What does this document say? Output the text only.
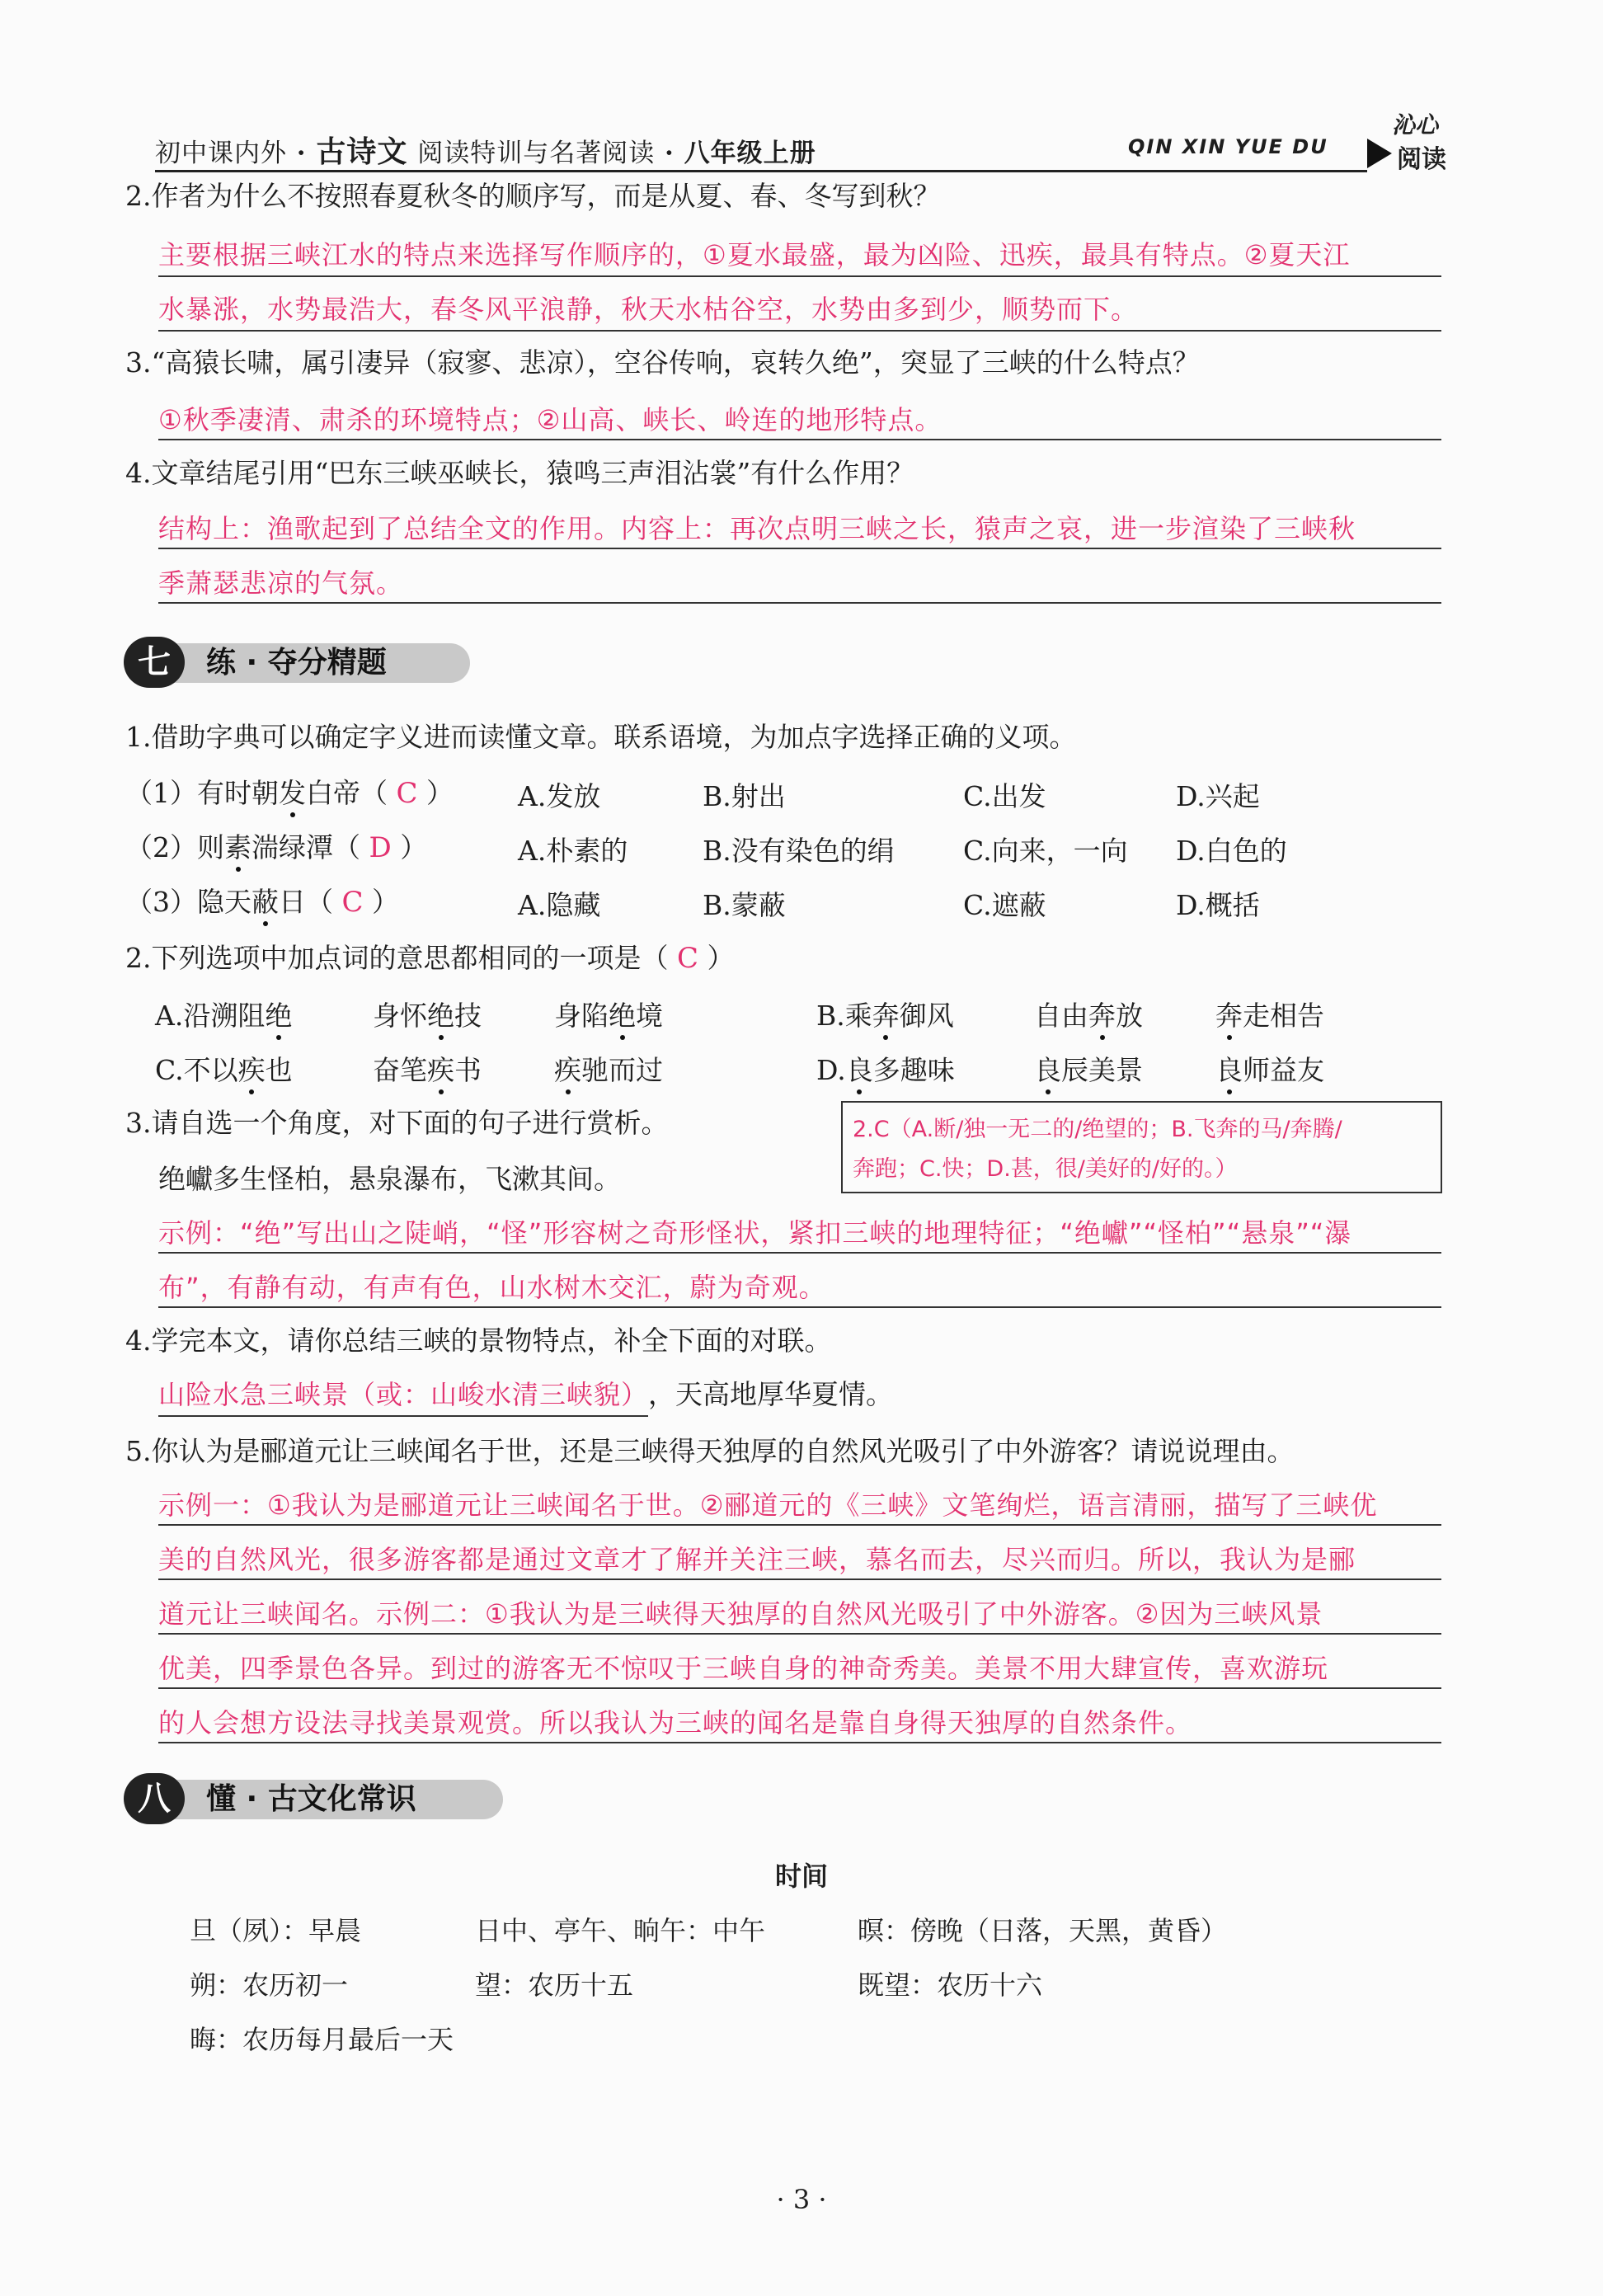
初中课内外 · 古诗文 阅读特训与名著阅读 · 八年级上册	QIN XIN YUE DU
沁心
阅读
2.作者为什么不按照春夏秋冬的顺序写，而是从夏、春、冬写到秋？
主要根据三峡江水的特点来选择写作顺序的，①夏水最盛，最为凶险、迅疾，最具有特点。②夏天江
水暴涨，水势最浩大，春冬风平浪静，秋天水枯谷空，水势由多到少，顺势而下。
3.“高猿长啸，属引凄异（寂寥、悲凉），空谷传响，哀转久绝”，突显了三峡的什么特点？
①秋季凄清、肃杀的环境特点；②山高、峡长、岭连的地形特点。
4.文章结尾引用“巴东三峡巫峡长，猿鸣三声泪沾裳”有什么作用？
结构上：渔歌起到了总结全文的作用。内容上：再次点明三峡之长，猿声之哀，进一步渲染了三峡秋
季萧瑟悲凉的气氛。
练 · 夺分精题
七
1.借助字典可以确定字义进而读懂文章。联系语境，为加点字选择正确的义项。
（1）有时朝发白帝（ C ） A.发放	B.射出	C.出发	D.兴起
（2）则素湍绿潭（ D ）	A.朴素的	B.没有染色的绢	C.向来，一向 D.白色的
（3）隐天蔽日（ C ）	A.隐藏	B.蒙蔽	C.遮蔽	D.概括
2.下列选项中加点词的意思都相同的一项是（ C ）
A.沿溯阻绝	身怀绝技	身陷绝境	B.乘奔御风	自由奔放	奔走相告
C.不以疾也	奋笔疾书	疾驰而过	D.良多趣味	良辰美景	良师益友
2.C（A.断/独一无二的/绝望的；B.飞奔的马/奔腾/
奔跑；C.快；D.甚，很/美好的/好的。）
3.请自选一个角度，对下面的句子进行赏析。
绝巘多生怪柏，悬泉瀑布，飞漱其间。
示例：“绝”写出山之陡峭，“怪”形容树之奇形怪状，紧扣三峡的地理特征；“绝巘”“怪柏”“悬泉”“瀑
布”，有静有动，有声有色，山水树木交汇，蔚为奇观。
4.学完本文，请你总结三峡的景物特点，补全下面的对联。
山险水急三峡景（或：山峻水清三峡貌），天高地厚华夏情。
5.你认为是郦道元让三峡闻名于世，还是三峡得天独厚的自然风光吸引了中外游客？请说说理由。
示例一：①我认为是郦道元让三峡闻名于世。②郦道元的《三峡》文笔绚烂，语言清丽，描写了三峡优
美的自然风光，很多游客都是通过文章才了解并关注三峡，慕名而去，尽兴而归。所以，我认为是郦
道元让三峡闻名。示例二：①我认为是三峡得天独厚的自然风光吸引了中外游客。②因为三峡风景
优美，四季景色各异。到过的游客无不惊叹于三峡自身的神奇秀美。美景不用大肆宣传，喜欢游玩
的人会想方设法寻找美景观赏。所以我认为三峡的闻名是靠自身得天独厚的自然条件。
懂 · 古文化常识
八
时间
旦（夙）：早晨	日中、亭午、晌午：中午	暝：傍晚（日落，天黑，黄昏）
朔：农历初一	望：农历十五	既望：农历十六
晦：农历每月最后一天
· 3 ·
